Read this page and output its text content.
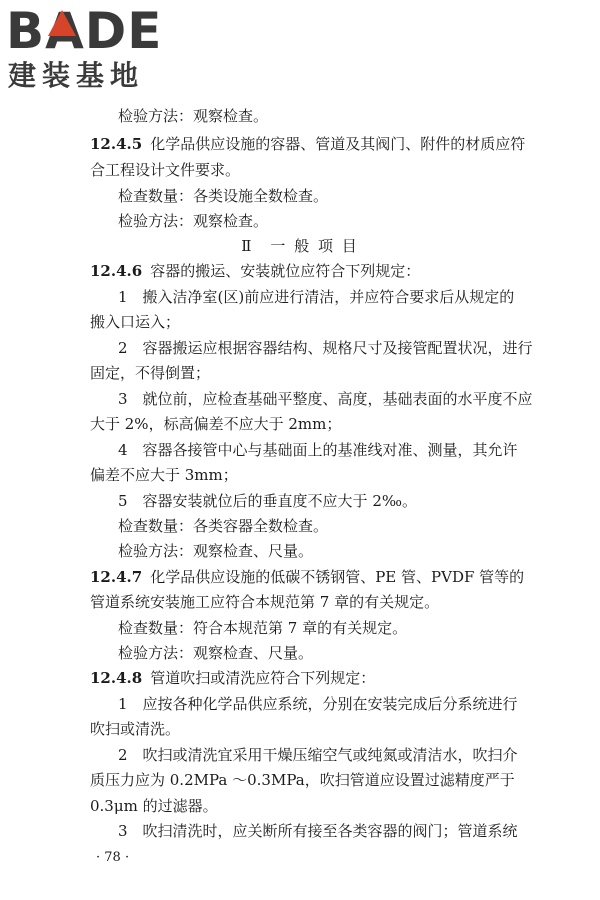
BADE
建装基地
检验方法：观察检查。
12.4.5 化学品供应设施的容器、管道及其阀门、附件的材质应符
合工程设计文件要求。
检查数量：各类设施全数检查。
检验方法：观察检查。
Ⅱ　一 般 项 目
12.4.6 容器的搬运、安装就位应符合下列规定：
1　搬入洁净室(区)前应进行清洁，并应符合要求后从规定的
搬入口运入；
2　容器搬运应根据容器结构、规格尺寸及接管配置状况，进行
固定，不得倒置；
3　就位前，应检查基础平整度、高度，基础表面的水平度不应
大于 2%，标高偏差不应大于 2mm；
4　容器各接管中心与基础面上的基准线对准、测量，其允许
偏差不应大于 3mm；
5　容器安装就位后的垂直度不应大于 2‰。
检查数量：各类容器全数检查。
检验方法：观察检查、尺量。
12.4.7 化学品供应设施的低碳不锈钢管、PE 管、PVDF 管等的
管道系统安装施工应符合本规范第 7 章的有关规定。
检查数量：符合本规范第 7 章的有关规定。
检验方法：观察检查、尺量。
12.4.8 管道吹扫或清洗应符合下列规定：
1　应按各种化学品供应系统，分别在安装完成后分系统进行
吹扫或清洗。
2　吹扫或清洗宜采用干燥压缩空气或纯氮或清洁水，吹扫介
质压力应为 0.2MPa ～0.3MPa，吹扫管道应设置过滤精度严于
0.3μm 的过滤器。
3　吹扫清洗时，应关断所有接至各类容器的阀门；管道系统
· 78 ·
